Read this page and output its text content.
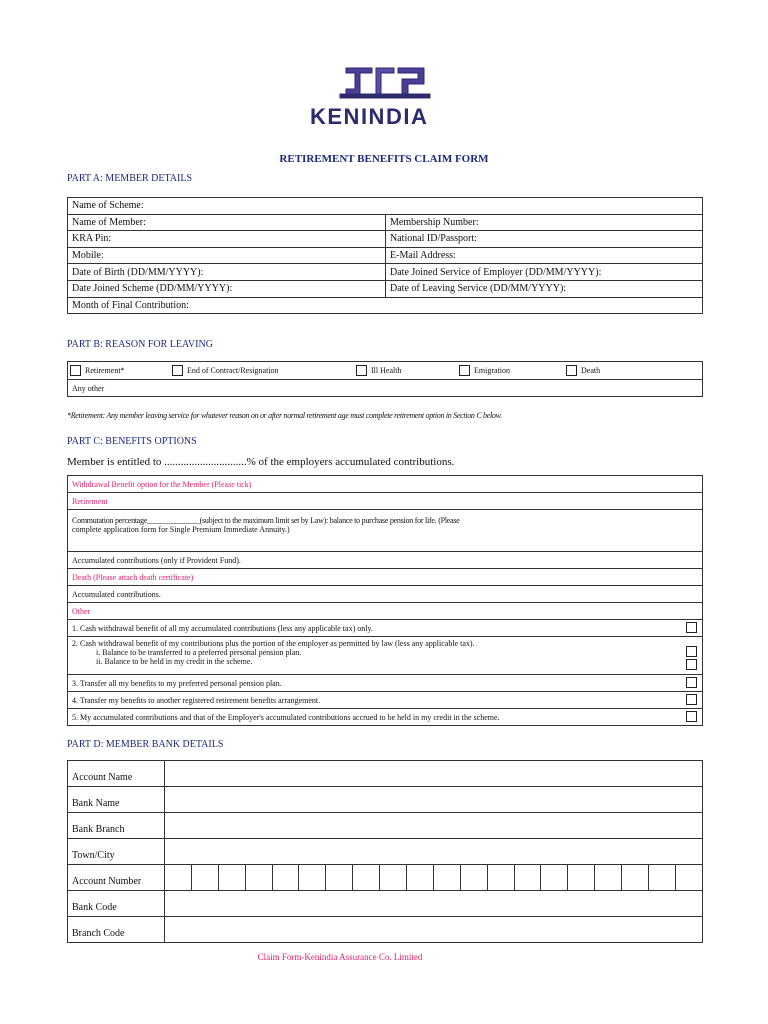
KENINDIA
RETIREMENT BENEFITS CLAIM FORM
PART A: MEMBER DETAILS
Name of Scheme:	
Name of Member:	Membership Number:
KRA Pin:	National ID/Passport:
Mobile:	E-Mail Address:
Date of Birth (DD/MM/YYYY):	Date Joined Service of Employer (DD/MM/YYYY):
Date Joined Scheme (DD/MM/YYYY):	Date of Leaving Service (DD/MM/YYYY):
Month of Final Contribution:	
PART B: REASON FOR LEAVING
Retirement*	End of Contract/Resignation	Ill Health	Emigration	Death

Any other
*Retirement: Any member leaving service for whatever reason on or after normal retirement age must complete retirement option in Section C below.
PART C: BENEFITS OPTIONS
Member is entitled to ..............................% of the employers accumulated contributions.
Withdrawal Benefit option for the Member (Please tick)	
Retirement	

Commutation percentage______________(subject to the maximum limit set by Law): balance to purchase pension for life. (Please
complete application form for Single Premium Immediate Annuity.)	

Accumulated contributions (only if Provident Fund).	
Death (Please attach death certificate)	
Accumulated contributions.	
Other	
1. Cash withdrawal benefit of all my accumulated contributions (less any applicable tax) only.	

2. Cash withdrawal benefit of my contributions plus the portion of the employer as permitted by law (less any applicable tax).
i. Balance to be transferred to a preferred personal pension plan.
ii. Balance to be held in my credit in the scheme.	

3. Transfer all my benefits to my preferred personal pension plan.	
4. Transfer my benefits to another registered retirement benefits arrangement.	
5. My accumulated contributions and that of the Employer's accumulated contributions accrued to be held in my credit in the scheme.	
PART D: MEMBER BANK DETAILS
Account Name																				
Bank Name																				
Bank Branch																				
Town/City																				
Account Number																				
Bank Code																				
Branch Code																				
Claim Form-Kenindia Assurance Co. Limited
